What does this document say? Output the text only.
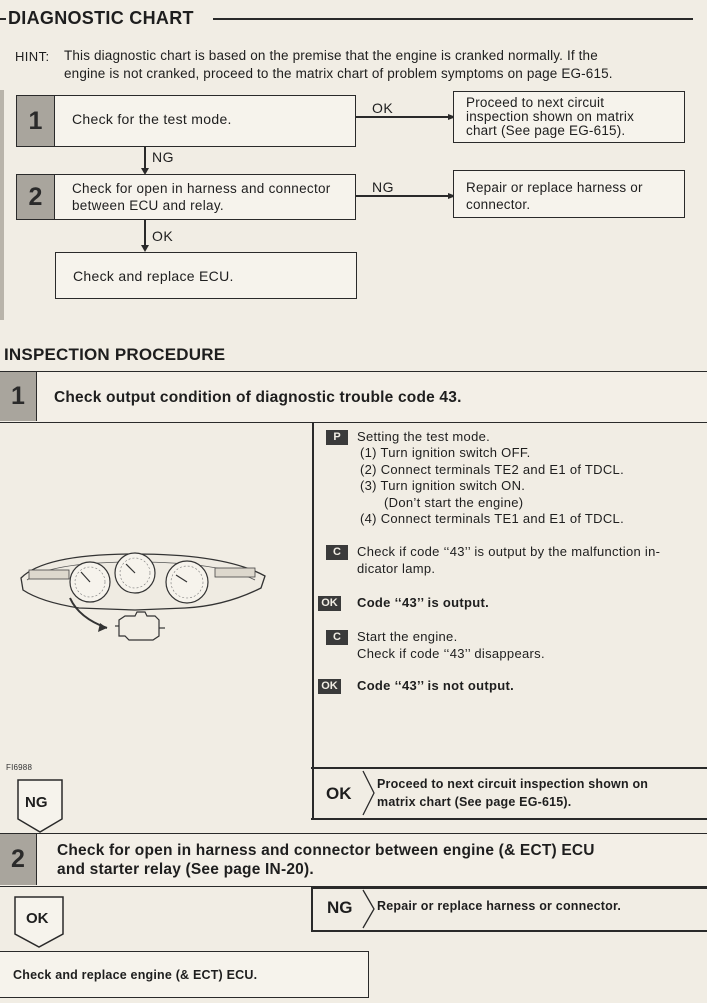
DIAGNOSTIC CHART
HINT: This diagnostic chart is based on the premise that the engine is cranked normally. If the
engine is not cranked, proceed to the matrix chart of problem symptoms on page EG-615.
1	Check for the test mode.
OK	Proceed to next circuit
inspection shown on matrix
chart (See page EG-615).
NG
2	Check for open in harness and connector
between ECU and relay.
NG	Repair or replace harness or
connector.
OK
Check and replace ECU.
INSPECTION PROCEDURE
1 Check output condition of diagnostic trouble code 43.
FI6988
P	Setting the test mode.
(1) Turn ignition switch OFF.
(2) Connect terminals TE2 and E1 of TDCL.
(3) Turn ignition switch ON.
(Don’t start the engine)
(4) Connect terminals TE1 and E1 of TDCL.
C	Check if code ‘‘43’’ is output by the malfunction in-
dicator lamp.
OK Code ‘‘43’’ is output.
C	Start the engine.
Check if code ‘‘43’’ disappears.
OK Code ‘‘43’’ is not output.
NG	OK Proceed to next circuit inspection shown on
matrix chart (See page EG-615).
2 Check for open in harness and connector between engine (& ECT) ECU
and starter relay (See page IN-20).
OK
NG Repair or replace harness or connector.
Check and replace engine (& ECT) ECU.
